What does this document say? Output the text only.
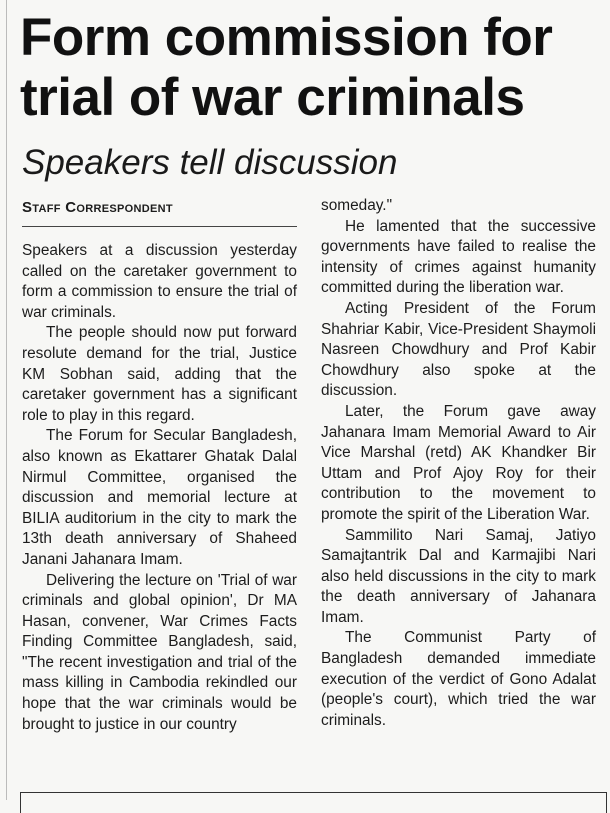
Form commission for
trial of war criminals
Speakers tell discussion
Staff Correspondent

Speakers at a discussion yesterday called on the caretaker government to form a commission to ensure the trial of war criminals.

The people should now put forward resolute demand for the trial, Justice KM Sobhan said, adding that the caretaker government has a significant role to play in this regard.

The Forum for Secular Bangladesh, also known as Ekattarer Ghatak Dalal Nirmul Committee, organised the discussion and memorial lecture at BILIA auditorium in the city to mark the 13th death anniversary of Shaheed Janani Jahanara Imam.

Delivering the lecture on 'Trial of war criminals and global opinion', Dr MA Hasan, convener, War Crimes Facts Finding Committee Bangladesh, said, "The recent investigation and trial of the mass killing in Cambodia rekindled our hope that the war criminals would be brought to justice in our country

someday."

He lamented that the successive governments have failed to realise the intensity of crimes against humanity committed during the liberation war.

Acting President of the Forum Shahriar Kabir, Vice-President Shaymoli Nasreen Chowdhury and Prof Kabir Chowdhury also spoke at the discussion.

Later, the Forum gave away Jahanara Imam Memorial Award to Air Vice Marshal (retd) AK Khandker Bir Uttam and Prof Ajoy Roy for their contribution to the movement to promote the spirit of the Liberation War.

Sammilito Nari Samaj, Jatiyo Samajtantrik Dal and Karmajibi Nari also held discussions in the city to mark the death anniversary of Jahanara Imam.

The Communist Party of Bangladesh demanded immediate execution of the verdict of Gono Adalat (people's court), which tried the war criminals.
